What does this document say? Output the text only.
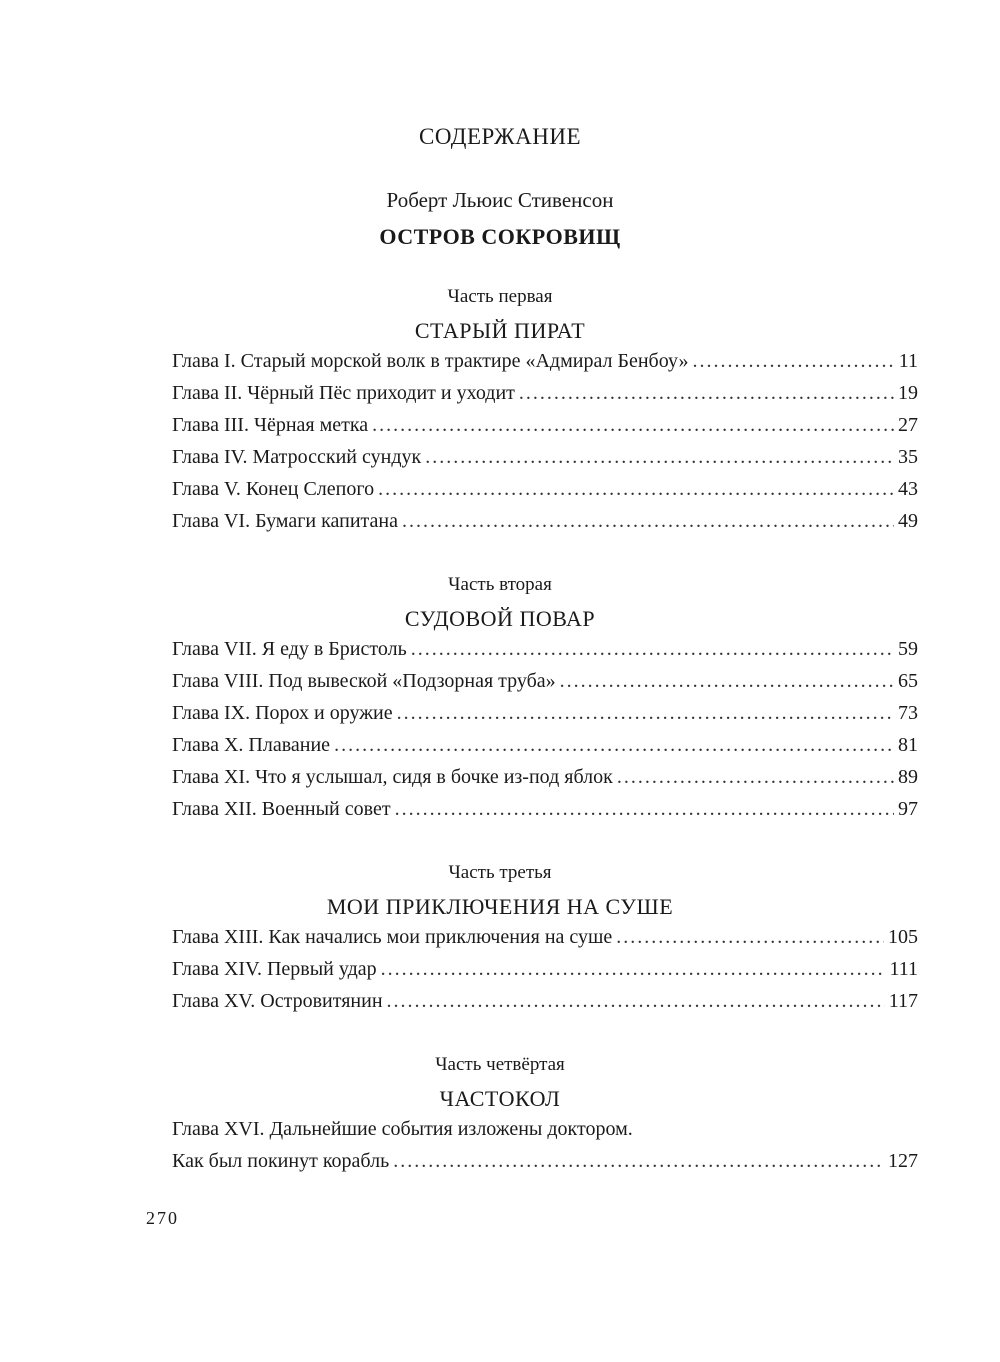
СОДЕРЖАНИЕ
Роберт Льюис Стивенсон
ОСТРОВ СОКРОВИЩ
Часть первая
СТАРЫЙ ПИРАТ
Глава I. Старый морской волк в трактире «Адмирал Бенбоу» . . .	11
Глава II. Чёрный Пёс приходит и уходит . . .	19
Глава III. Чёрная метка . . .	27
Глава IV. Матросский сундук . . .	35
Глава V. Конец Слепого . . .	43
Глава VI. Бумаги капитана . . .	49
Часть вторая
СУДОВОЙ ПОВАР
Глава VII. Я еду в Бристоль . . .	59
Глава VIII. Под вывеской «Подзорная труба» . . .	65
Глава IX. Порох и оружие . . .	73
Глава X. Плавание . . .	81
Глава XI. Что я услышал, сидя в бочке из-под яблок . . .	89
Глава XII. Военный совет . . .	97
Часть третья
МОИ ПРИКЛЮЧЕНИЯ НА СУШЕ
Глава XIII. Как начались мои приключения на суше . . .	105
Глава XIV. Первый удар . . .	111
Глава XV. Островитянин . . .	117
Часть четвёртая
ЧАСТОКОЛ
Глава XVI. Дальнейшие события изложены доктором.
Как был покинут корабль . . .	127
270
